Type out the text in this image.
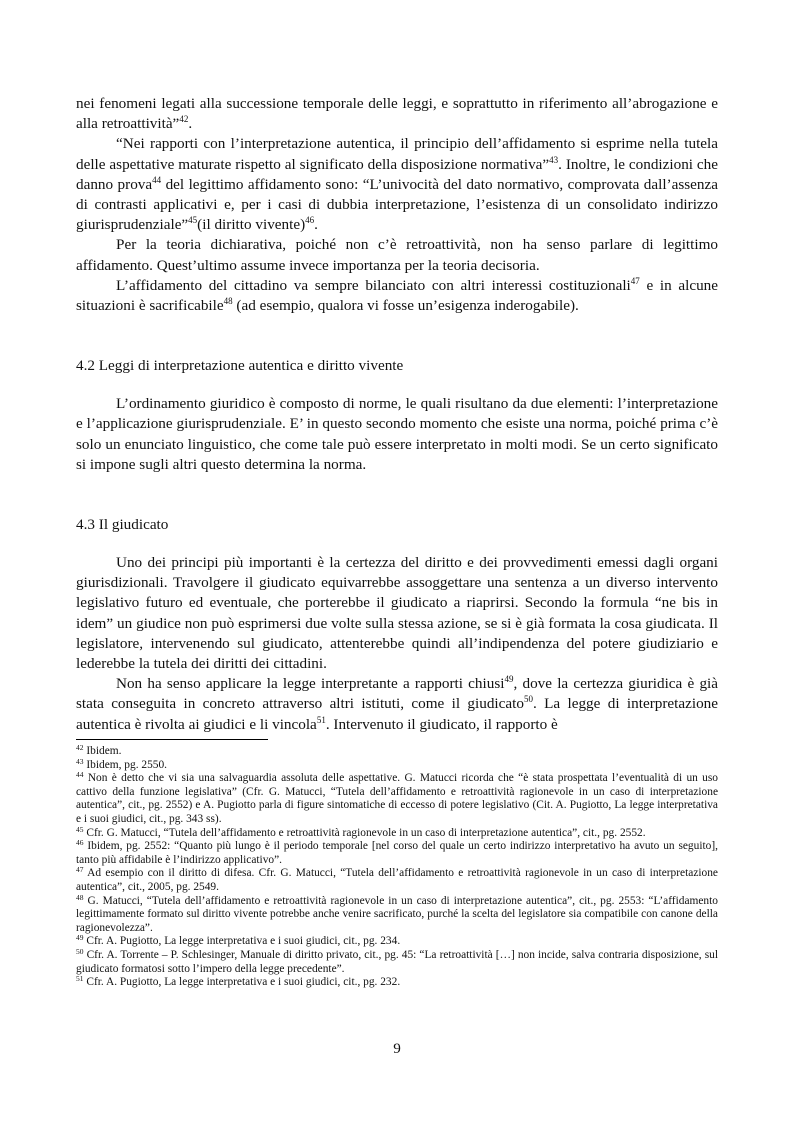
nei fenomeni legati alla successione temporale delle leggi, e soprattutto in riferimento all’abrogazione e alla retroattività”$^{42}$.

“Nei rapporti con l’interpretazione autentica, il principio dell’affidamento si esprime nella tutela delle aspettative maturate rispetto al significato della disposizione normativa”$^{43}$. Inoltre, le condizioni che danno prova$^{44}$ del legittimo affidamento sono: “L’univocità del dato normativo, comprovata dall’assenza di contrasti applicativi e, per i casi di dubbia interpretazione, l’esistenza di un consolidato indirizzo giurisprudenziale”$^{45}$(il diritto vivente)$^{46}$.

Per la teoria dichiarativa, poiché non c’è retroattività, non ha senso parlare di legittimo affidamento. Quest’ultimo assume invece importanza per la teoria decisoria.

L’affidamento del cittadino va sempre bilanciato con altri interessi costituzionali$^{47}$ e in alcune situazioni è sacrificabile$^{48}$ (ad esempio, qualora vi fosse un’esigenza inderogabile).

4.2 Leggi di interpretazione autentica e diritto vivente

L’ordinamento giuridico è composto di norme, le quali risultano da due elementi: l’interpretazione e l’applicazione giurisprudenziale. E’ in questo secondo momento che esiste una norma, poiché prima c’è solo un enunciato linguistico, che come tale può essere interpretato in molti modi. Se un certo significato si impone sugli altri questo determina la norma.

4.3 Il giudicato

Uno dei principi più importanti è la certezza del diritto e dei provvedimenti emessi dagli organi giurisdizionali. Travolgere il giudicato equivarrebbe assoggettare una sentenza a un diverso intervento legislativo futuro ed eventuale, che porterebbe il giudicato a riaprirsi. Secondo la formula “ne bis in idem” un giudice non può esprimersi due volte sulla stessa azione, se si è già formata la cosa giudicata. Il legislatore, intervenendo sul giudicato, attenterebbe quindi all’indipendenza del potere giudiziario e lederebbe la tutela dei diritti dei cittadini.

Non ha senso applicare la legge interpretante a rapporti chiusi$^{49}$, dove la certezza giuridica è già stata conseguita in concreto attraverso altri istituti, come il giudicato$^{50}$. La legge di interpretazione autentica è rivolta ai giudici e li vincola$^{51}$. Intervenuto il giudicato, il rapporto è

$^{42}$ Ibidem.

$^{43}$ Ibidem, pg. 2550.

$^{44}$ Non è detto che vi sia una salvaguardia assoluta delle aspettative. G. Matucci ricorda che “è stata prospettata l’eventualità di un uso cattivo della funzione legislativa” (Cfr. G. Matucci, “Tutela dell’affidamento e retroattività ragionevole in un caso di interpretazione autentica”, cit., pg. 2552) e A. Pugiotto parla di figure sintomatiche di eccesso di potere legislativo (Cit. A. Pugiotto, La legge interpretativa e i suoi giudici, cit., pg. 343 ss).

$^{45}$ Cfr. G. Matucci, “Tutela dell’affidamento e retroattività ragionevole in un caso di interpretazione autentica”, cit., pg. 2552.

$^{46}$ Ibidem, pg. 2552: “Quanto più lungo è il periodo temporale [nel corso del quale un certo indirizzo interpretativo ha avuto un seguito], tanto più affidabile è l’indirizzo applicativo”.

$^{47}$ Ad esempio con il diritto di difesa. Cfr. G. Matucci, “Tutela dell’affidamento e retroattività ragionevole in un caso di interpretazione autentica”, cit., 2005, pg. 2549.

$^{48}$ G. Matucci, “Tutela dell’affidamento e retroattività ragionevole in un caso di interpretazione autentica”, cit., pg. 2553: “L’affidamento legittimamente formato sul diritto vivente potrebbe anche venire sacrificato, purché la scelta del legislatore sia compatibile con canone della ragionevolezza”.

$^{49}$ Cfr. A. Pugiotto, La legge interpretativa e i suoi giudici, cit., pg. 234.

$^{50}$ Cfr. A. Torrente – P. Schlesinger, Manuale di diritto privato, cit., pg. 45: “La retroattività […] non incide, salva contraria disposizione, sul giudicato formatosi sotto l’impero della legge precedente”.

$^{51}$ Cfr. A. Pugiotto, La legge interpretativa e i suoi giudici, cit., pg. 232.

9
